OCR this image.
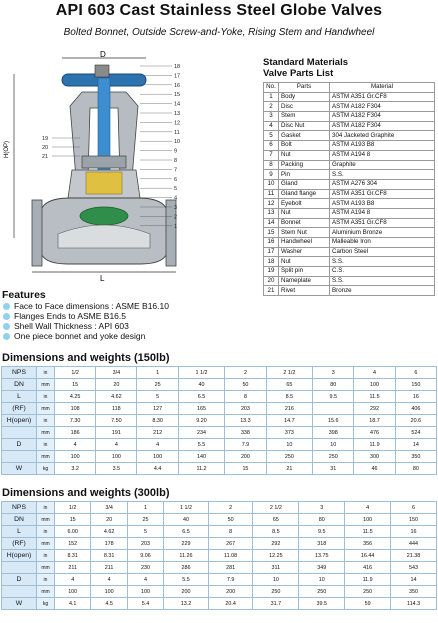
API 603 Cast Stainless Steel Globe Valves
Bolted Bonnet, Outside Screw-and-Yoke, Rising Stem and Handwheel
D
H(OP)
L
18
17
16
15
14
13
12
11
10
9
8
7
6
5
4
3
2
1
19
20
21
Standard Materials
Valve Parts List
No.	Parts	Material
1	Body	ASTM A351 Gr.CF8
2	Disc	ASTM A182 F304
3	Stem	ASTM A182 F304
4	Disc Nut	ASTM A182 F304
5	Gasket	304 Jacketed Graphite
6	Bolt	ASTM A193 B8
7	Nut	ASTM A194 8
8	Packing	Graphite
9	Pin	S.S.
10	Gland	ASTM A276 304
11	Gland flange	ASTM A351 Gr.CF8
12	Eyebolt	ASTM A193 B8
13	Nut	ASTM A194 8
14	Bonnet	ASTM A351 Gr.CF8
15	Stem Nut	Aluminium Bronze
16	Handwheel	Malleable Iron
17	Washer	Carbon Steel
18	Nut	S.S.
19	Split pin	C.S.
20	Nameplate	S.S.
21	Rivet	Bronze
Features
Face to Face dimensions : ASME B16.10
Flanges Ends to ASME B16.5
Shell Wall Thickness : API 603
One piece bonnet and yoke design
Dimensions and weights (150lb)
NPS	in	1/2	3/4	1	1 1/2	2	2 1/2	3	4	6
DN	mm	15	20	25	40	50	65	80	100	150
L	in	4.25	4.62	5	6.5	8	8.5	9.5	11.5	16
(RF)	mm	108	118	127	165	203	216		292	406
H(open)	in	7.30	7.50	8.30	9.20	13.3	14.7	15.6	18.7	20.6
	mm	186	191	212	234	338	373	398	476	524
D	in	4	4	4	5.5	7.9	10	10	11.9	14
	mm	100	100	100	140	200	250	250	300	350
W	kg	3.2	3.5	4.4	11.2	15	21	31	46	80
Dimensions and weights (300lb)
NPS	in	1/2	3/4	1	1 1/2	2	2 1/2	3	4	6
DN	mm	15	20	25	40	50	65	80	100	150
L	in	6.00	4.62	5	6.5	8	8.5	9.5	11.5	16
(RF)	mm	152	178	203	229	267	292	318	356	444
H(open)	in	8.31	8.31	9.06	11.26	11.08	12.25	13.75	16.44	21.38
	mm	211	211	230	286	281	311	349	416	543
D	in	4	4	4	5.5	7.9	10	10	11.9	14
	mm	100	100	100	200	200	250	250	250	350
W	kg	4.1	4.5	5.4	13.2	20.4	31.7	39.5	59	114.3
